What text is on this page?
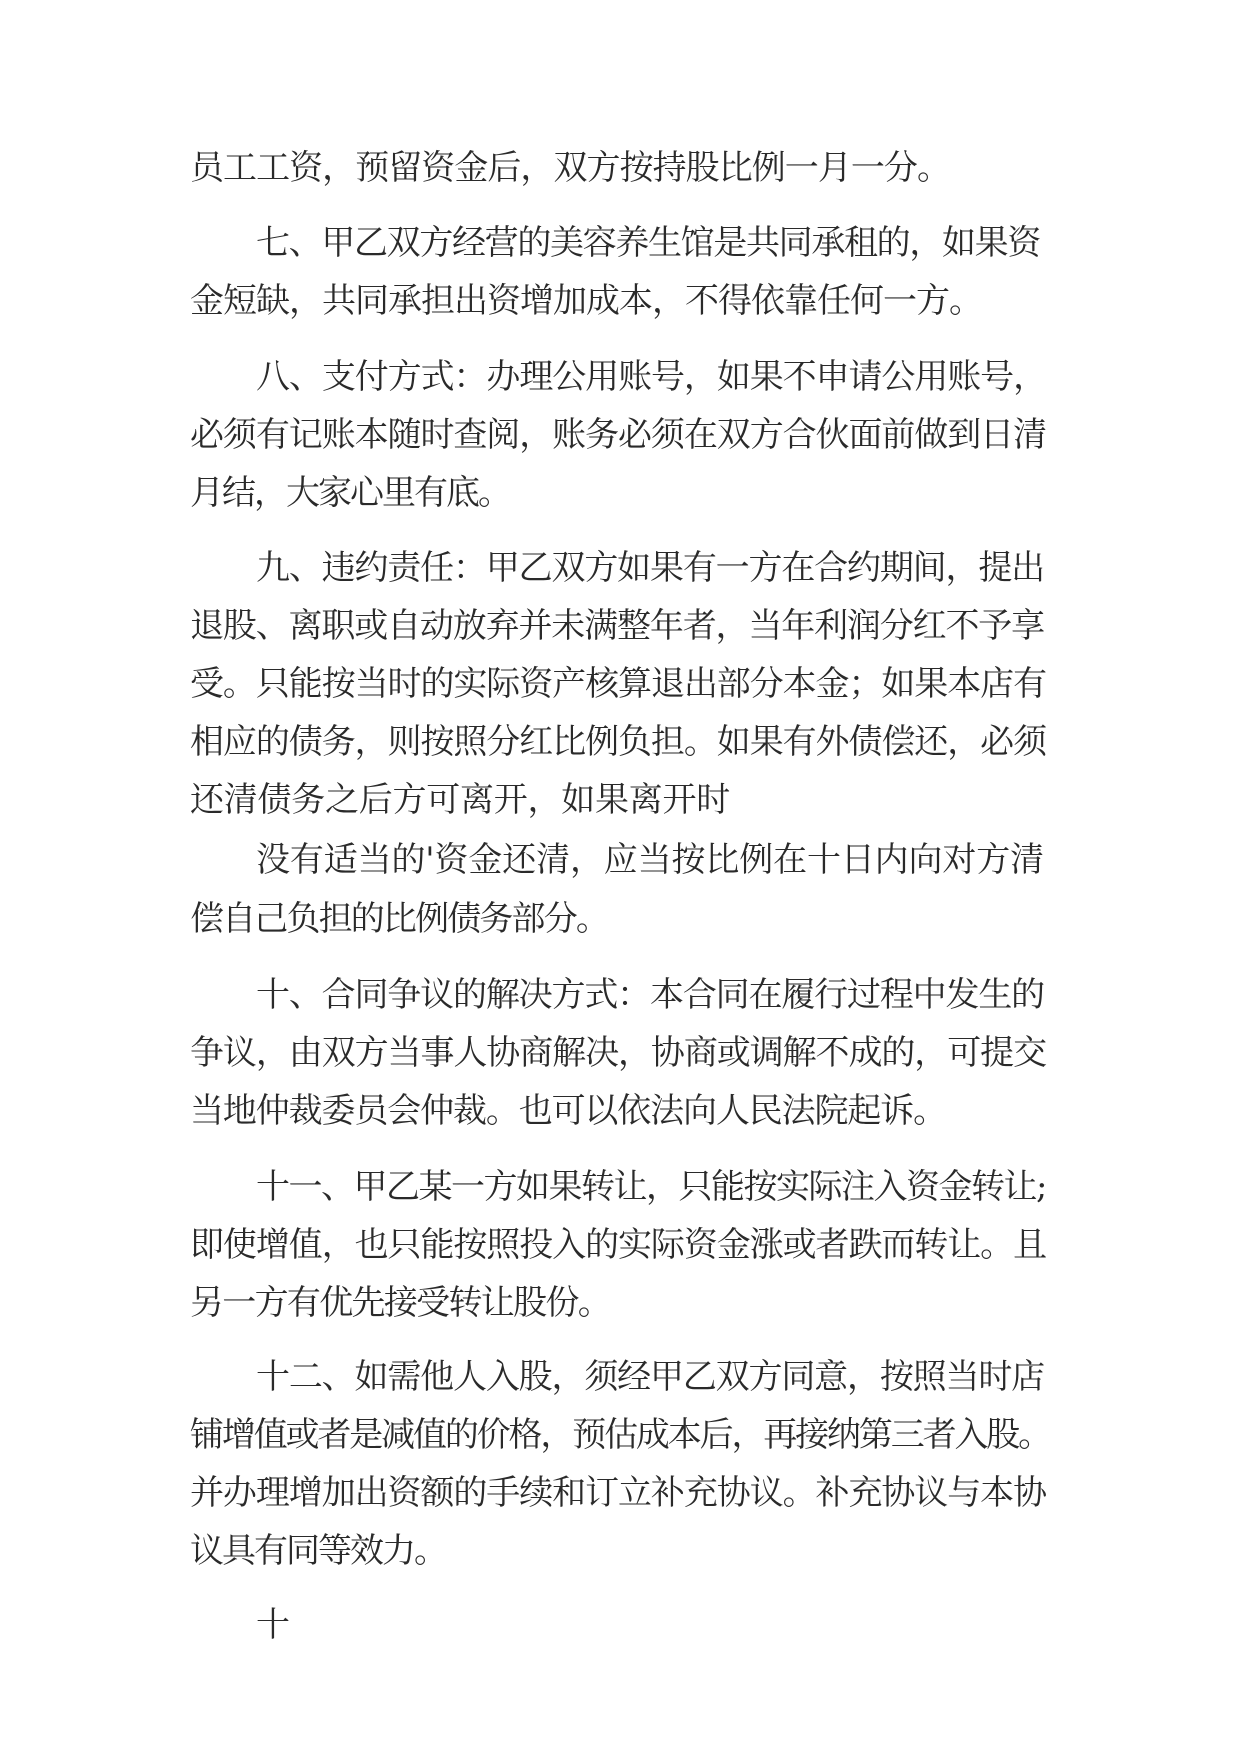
员工工资，预留资金后，双方按持股比例一月一分。
七、甲乙双方经营的美容养生馆是共同承租的，如果资
金短缺，共同承担出资增加成本，不得依靠任何一方。
八、支付方式：办理公用账号，如果不申请公用账号，
必须有记账本随时查阅，账务必须在双方合伙面前做到日清
月结，大家心里有底。
九、违约责任：甲乙双方如果有一方在合约期间，提出
退股、离职或自动放弃并未满整年者，当年利润分红不予享
受。只能按当时的实际资产核算退出部分本金；如果本店有
相应的债务，则按照分红比例负担。如果有外债偿还，必须
还清债务之后方可离开，如果离开时
没有适当的'资金还清，应当按比例在十日内向对方清
偿自己负担的比例债务部分。
十、合同争议的解决方式：本合同在履行过程中发生的
争议，由双方当事人协商解决，协商或调解不成的，可提交
当地仲裁委员会仲裁。也可以依法向人民法院起诉。
十一、甲乙某一方如果转让，只能按实际注入资金转让;
即使增值，也只能按照投入的实际资金涨或者跌而转让。且
另一方有优先接受转让股份。
十二、如需他人入股，须经甲乙双方同意，按照当时店
铺增值或者是减值的价格，预估成本后，再接纳第三者入股。
并办理增加出资额的手续和订立补充协议。补充协议与本协
议具有同等效力。
十
